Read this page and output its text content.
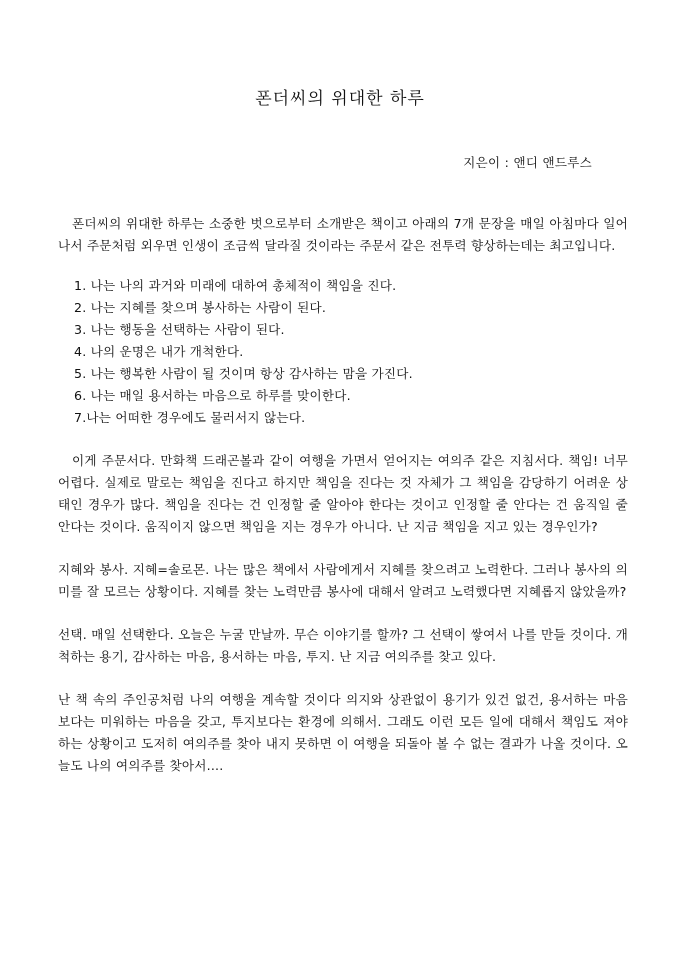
폰더씨의 위대한 하루
지은이 : 앤디 앤드루스

폰더씨의 위대한 하루는 소중한 벗으로부터 소개받은 책이고 아래의 7개 문장을 매일 아침마다 일어나서 주문처럼 외우면 인생이 조금씩 달라질 것이라는 주문서 같은 전투력 향상하는데는 최고입니다.

1. 나는 나의 과거와 미래에 대하여 총체적이 책임을 진다.
2. 나는 지혜를 찾으며 봉사하는 사람이 된다.
3. 나는 행동을 선택하는 사람이 된다.
4. 나의 운명은 내가 개척한다.
5. 나는 행복한 사람이 될 것이며 항상 감사하는 맘을 가진다.
6. 나는 매일 용서하는 마음으로 하루를 맞이한다.
7.나는 어떠한 경우에도 물러서지 않는다.

이게 주문서다. 만화책 드래곤볼과 같이 여행을 가면서 얻어지는 여의주 같은 지침서다. 책임! 너무 어렵다. 실제로 말로는 책임을 진다고 하지만 책임을 진다는 것 자체가 그 책임을 감당하기 어려운 상태인 경우가 많다. 책임을 진다는 건 인정할 줄 알아야 한다는 것이고 인정할 줄 안다는 건 움직일 줄 안다는 것이다. 움직이지 않으면 책임을 지는 경우가 아니다. 난 지금 책임을 지고 있는 경우인가?

지혜와 봉사. 지혜=솔로몬. 나는 많은 책에서 사람에게서 지혜를 찾으려고 노력한다. 그러나 봉사의 의미를 잘 모르는 상황이다. 지혜를 찾는 노력만큼 봉사에 대해서 알려고 노력했다면 지혜롭지 않았을까?

선택. 매일 선택한다. 오늘은 누굴 만날까. 무슨 이야기를 할까? 그 선택이 쌓여서 나를 만들 것이다. 개척하는 용기, 감사하는 마음, 용서하는 마음, 투지. 난 지금 여의주를 찾고 있다.

난 책 속의 주인공처럼 나의 여행을 계속할 것이다 의지와 상관없이 용기가 있건 없건, 용서하는 마음보다는 미워하는 마음을 갖고, 투지보다는 환경에 의해서. 그래도 이런 모든 일에 대해서 책임도 져야 하는 상황이고 도저히 여의주를 찾아 내지 못하면 이 여행을 되돌아 볼 수 없는 결과가 나올 것이다. 오늘도 나의 여의주를 찾아서....
